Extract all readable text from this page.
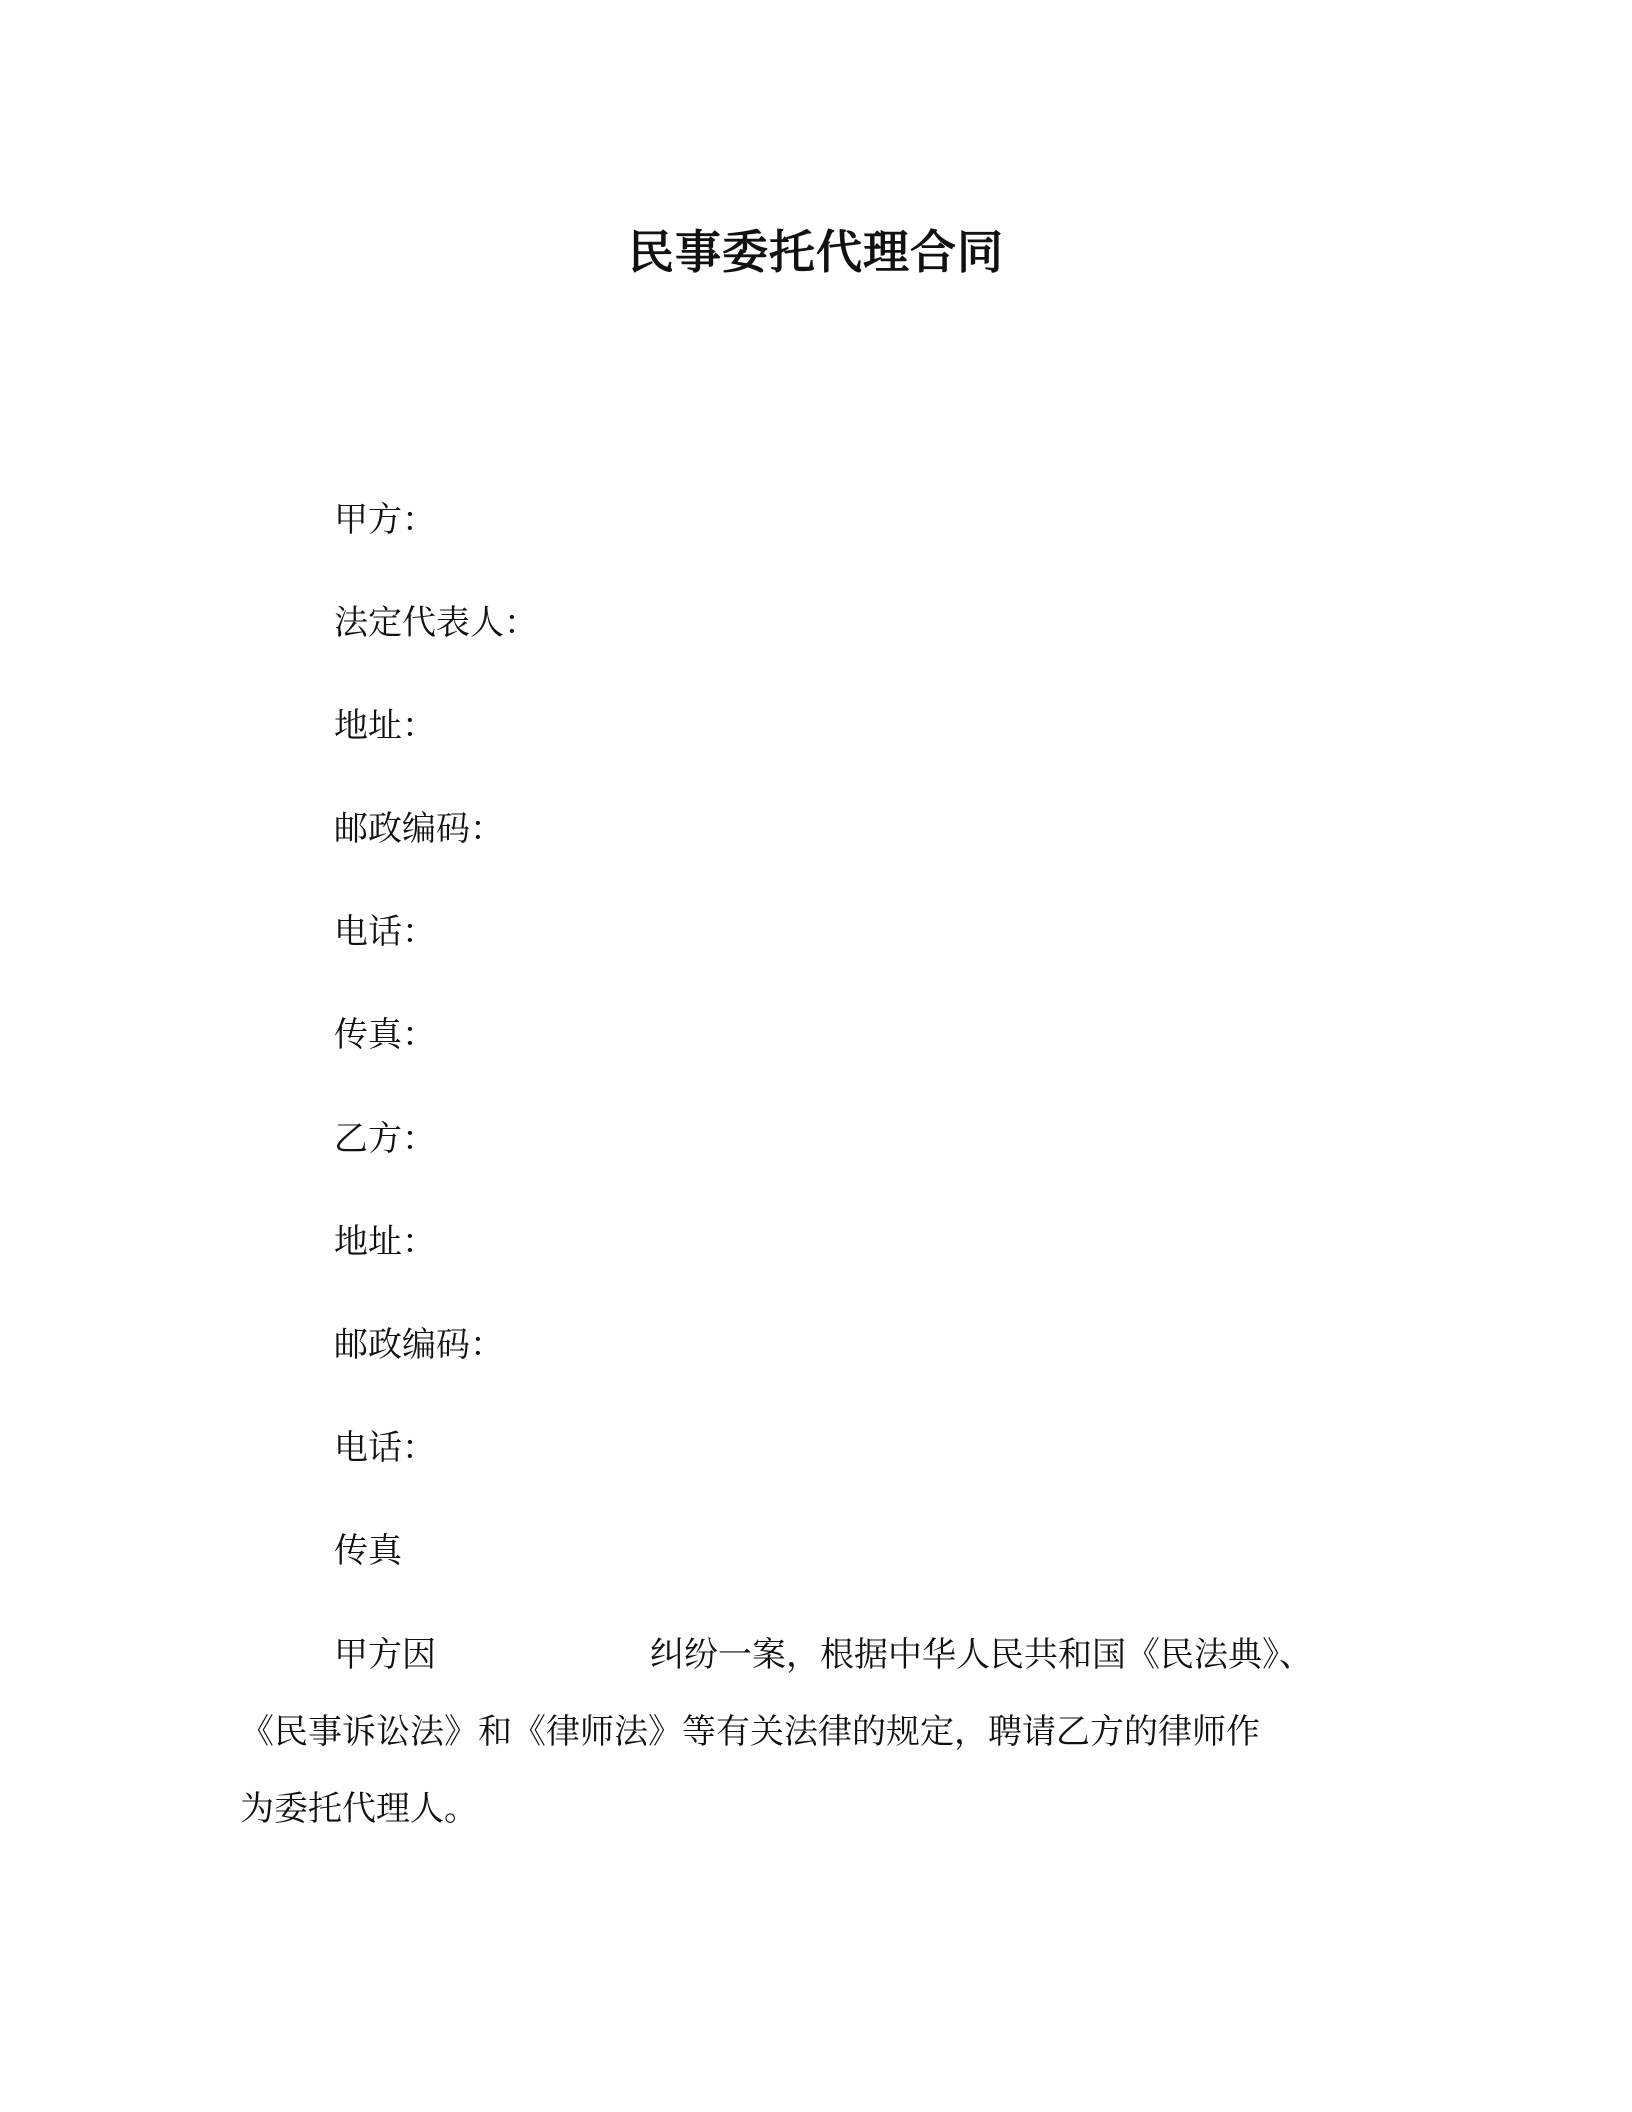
民事委托代理合同
甲方：
法定代表人：
地址：
邮政编码：
电话：
传真：
乙方：
地址：
邮政编码：
电话：
传真
甲方因	纠纷一案，根据中华人民共和国《民法典》、
《民事诉讼法》和《律师法》等有关法律的规定，聘请乙方的律师作
为委托代理人。
